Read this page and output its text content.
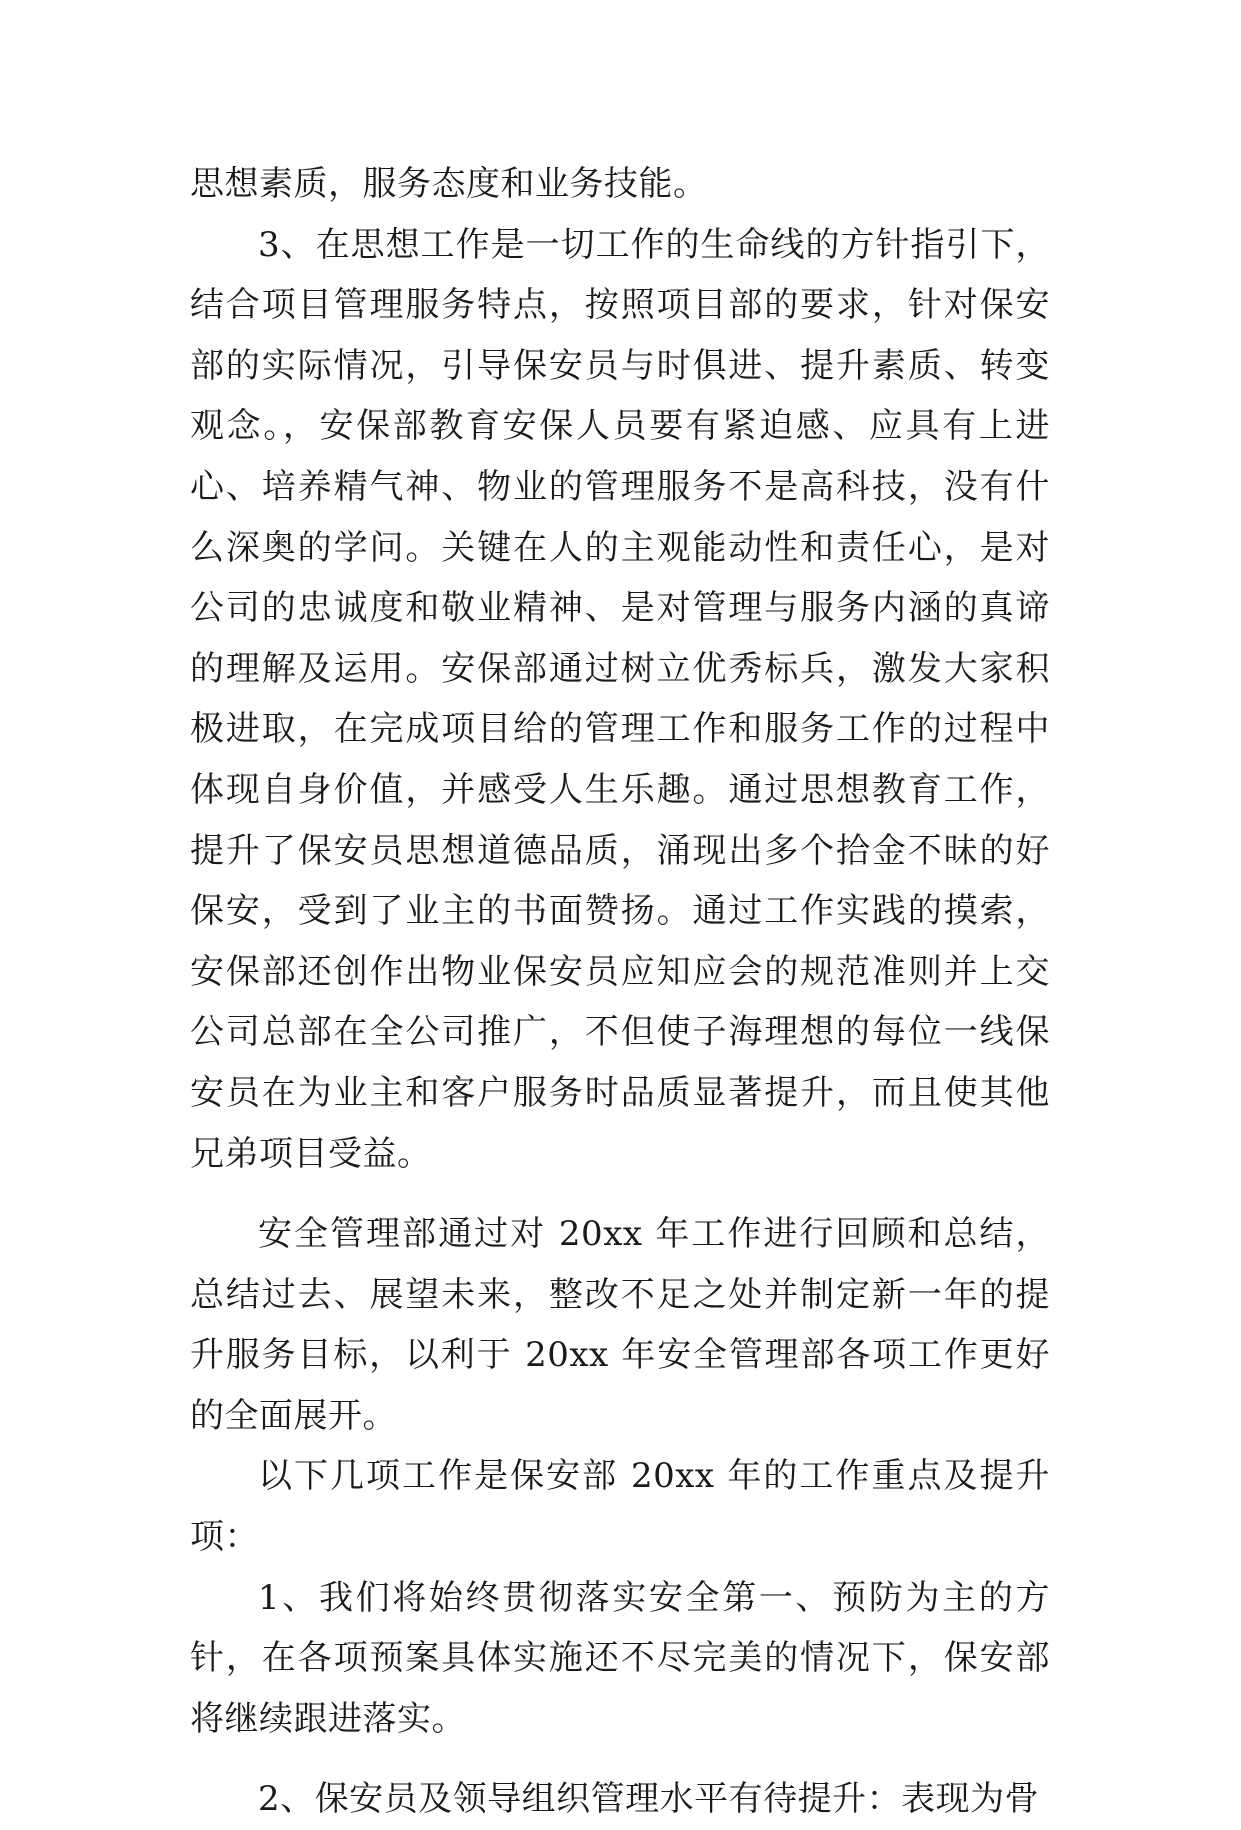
思想素质，服务态度和业务技能。

3、在思想工作是一切工作的生命线的方针指引下，结合项目管理服务特点，按照项目部的要求，针对保安部的实际情况，引导保安员与时俱进、提升素质、转变观念。，安保部教育安保人员要有紧迫感、应具有上进心、培养精气神、物业的管理服务不是高科技，没有什么深奥的学问。关键在人的主观能动性和责任心，是对公司的忠诚度和敬业精神、是对管理与服务内涵的真谛的理解及运用。安保部通过树立优秀标兵，激发大家积极进取，在完成项目给的管理工作和服务工作的过程中体现自身价值，并感受人生乐趣。通过思想教育工作，提升了保安员思想道德品质，涌现出多个拾金不昧的好保安，受到了业主的书面赞扬。通过工作实践的摸索，安保部还创作出物业保安员应知应会的规范准则并上交公司总部在全公司推广，不但使子海理想的每位一线保安员在为业主和客户服务时品质显著提升，而且使其他兄弟项目受益。

安全管理部通过对 20xx 年工作进行回顾和总结，总结过去、展望未来，整改不足之处并制定新一年的提升服务目标，以利于 20xx 年安全管理部各项工作更好的全面展开。

以下几项工作是保安部 20xx 年的工作重点及提升项：

1、我们将始终贯彻落实安全第一、预防为主的方针，在各项预案具体实施还不尽完美的情况下，保安部将继续跟进落实。

2、保安员及领导组织管理水平有待提升：表现为骨
